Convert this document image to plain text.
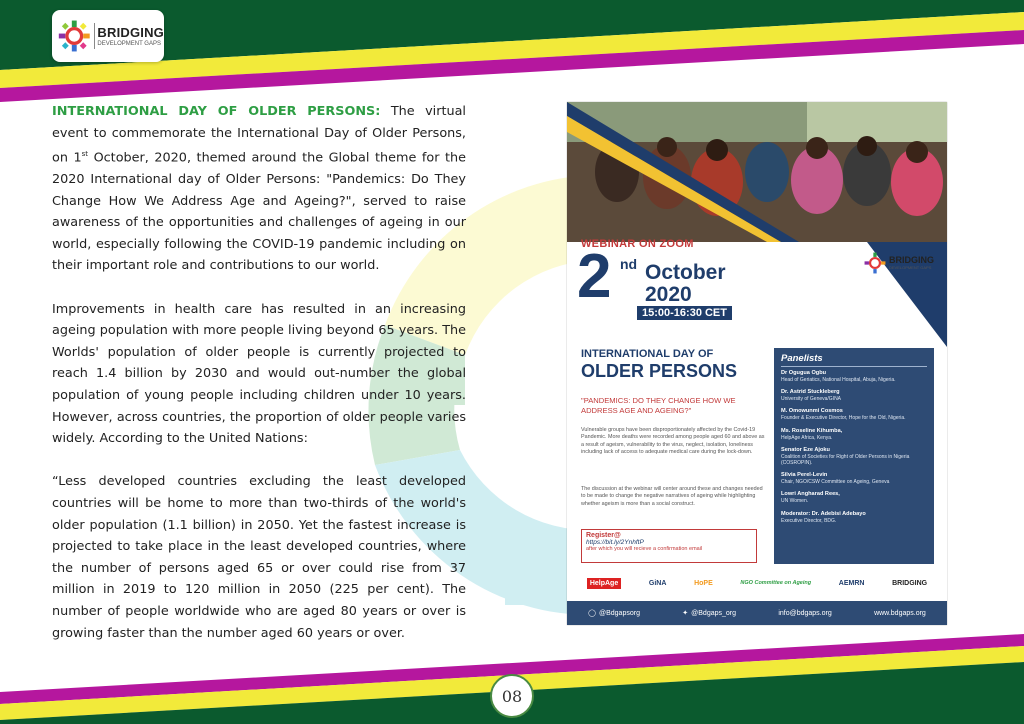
BRIDGING
DEVELOPMENT GAPS

INTERNATIONAL DAY OF OLDER PERSONS: The virtual event to commemorate the International Day of Older Persons, on 1st October, 2020, themed around the Global theme for the 2020 International day of Older Persons: "Pandemics: Do They Change How We Address Age and Ageing?", served to raise awareness of the opportunities and challenges of ageing in our world, especially following the COVID-19 pandemic including on their important role and contributions to our world.

Improvements in health care has resulted in an increasing ageing population with more people living beyond 65 years. The Worlds' population of older people is currently projected to reach 1.4 billion by 2030 and would out-number the global population of young people including children under 10 years. However, across countries, the proportion of older people varies widely. According to the United Nations:

“Less developed countries excluding the least developed countries will be home to more than two-thirds of the world's older population (1.1 billion) in 2050. Yet the fastest increase is projected to take place in the least developed countries, where the number of persons aged 65 or over could rise from 37 million in 2019 to 120 million in 2050 (225 per cent). The number of people worldwide who are aged 80 years or over is growing faster than the number aged 60 years or over.

WEBINAR ON ZOOM
2 nd October
2020
15:00-16:30 CET
BRIDGING
DEVELOPMENT GAPS
INTERNATIONAL DAY OF
OLDER PERSONS
"PANDEMICS: DO THEY CHANGE HOW WE ADDRESS AGE AND AGEING?"
Vulnerable groups have been disproportionately affected by the Covid-19 Pandemic. More deaths were recorded among people aged 60 and above as a result of ageism, vulnerability to the virus, neglect, isolation, loneliness including lack of access to adequate medical care during the lock-down.
The discussion at the webinar will center around these and changes needed to be made to change the negative narratives of ageing while highlighting whether ageism is more than a social construct.
Register@
https://bit.ly/2YnhftP
after which you will recieve a confirmation email
Panelists
Dr Ogugua Ogbu
Head of Geriatics, National Hospital, Abuja, Nigeria.
Dr. Astrid Stuckleberg
University of Geneva/GINA
M. Omowunmi Cosmos
Founder & Executive Director, Hope for the Old, Nigeria.
Ms. Roseline Kihumba,
HelpAge Africa, Kenya.
Senator Eze Ajoku
Coalition of Societies for Right of Older Persons in Nigeria (COSROPIN).
Silvia Perel-Levin
Chair, NGO/CSW Committee on Ageing, Geneva
Lowri Angharad Rees,
UN Women.
Moderator: Dr. Adebisi Adebayo
Executive Director, BDG.
HelpAge	GiNA	HoPE	NGO Committee on Ageing	AEMRN	BRIDGING
◯ @Bdgapsorg	✦ @Bdgaps_org	info@bdgaps.org	www.bdgaps.org
08
